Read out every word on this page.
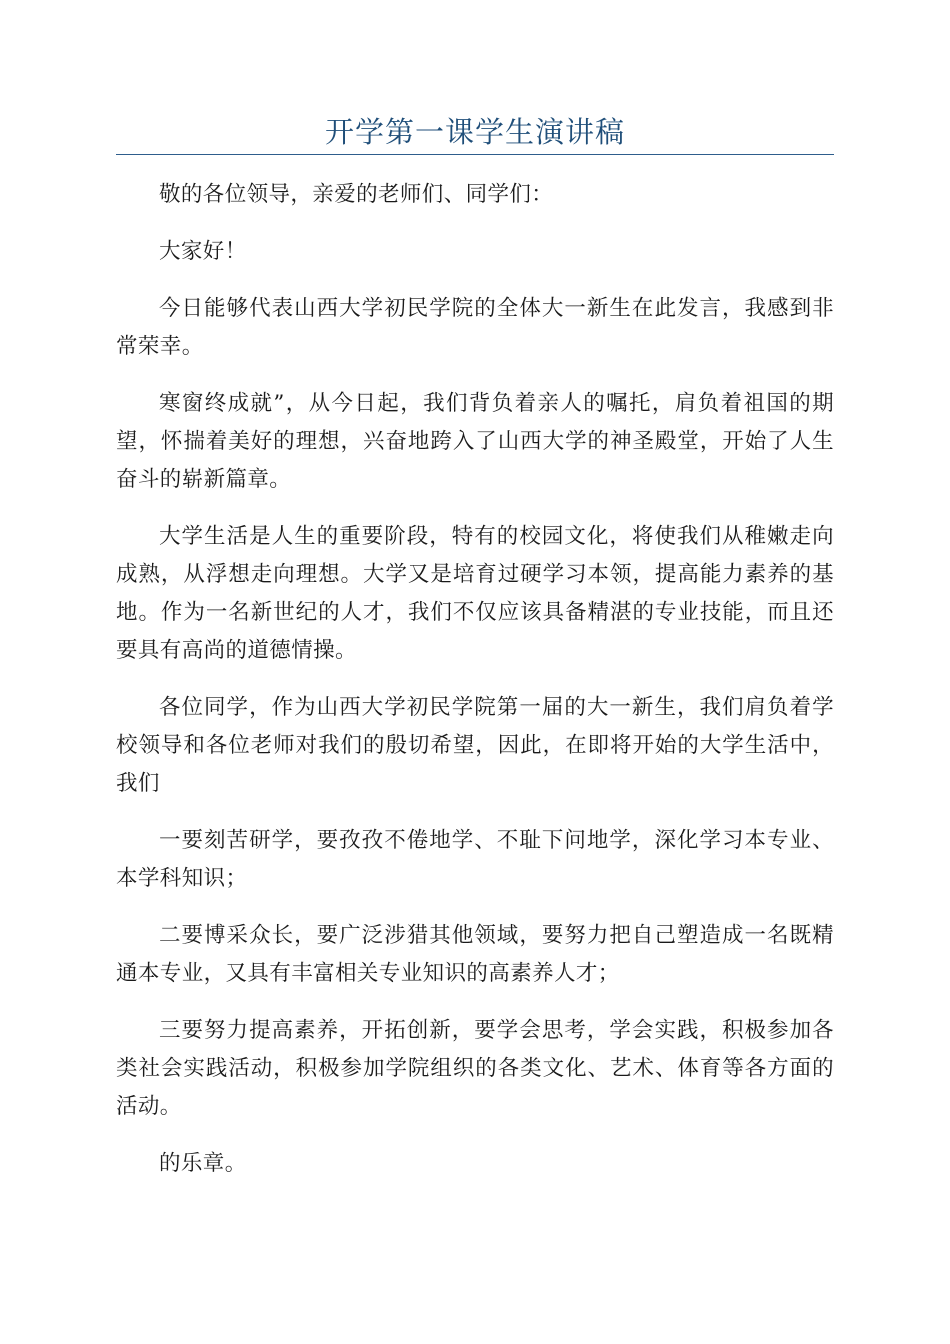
开学第一课学生演讲稿

敬的各位领导，亲爱的老师们、同学们：

大家好！

今日能够代表山西大学初民学院的全体大一新生在此发言，我感到非常荣幸。

寒窗终成就”，从今日起，我们背负着亲人的嘱托，肩负着祖国的期望，怀揣着美好的理想，兴奋地跨入了山西大学的神圣殿堂，开始了人生奋斗的崭新篇章。

大学生活是人生的重要阶段，特有的校园文化，将使我们从稚嫩走向成熟，从浮想走向理想。大学又是培育过硬学习本领，提高能力素养的基地。作为一名新世纪的人才，我们不仅应该具备精湛的专业技能，而且还要具有高尚的道德情操。

各位同学，作为山西大学初民学院第一届的大一新生，我们肩负着学校领导和各位老师对我们的殷切希望，因此，在即将开始的大学生活中，我们

一要刻苦研学，要孜孜不倦地学、不耻下问地学，深化学习本专业、本学科知识；

二要博采众长，要广泛涉猎其他领域，要努力把自己塑造成一名既精通本专业，又具有丰富相关专业知识的高素养人才；

三要努力提高素养，开拓创新，要学会思考，学会实践，积极参加各类社会实践活动，积极参加学院组织的各类文化、艺术、体育等各方面的活动。

的乐章。
